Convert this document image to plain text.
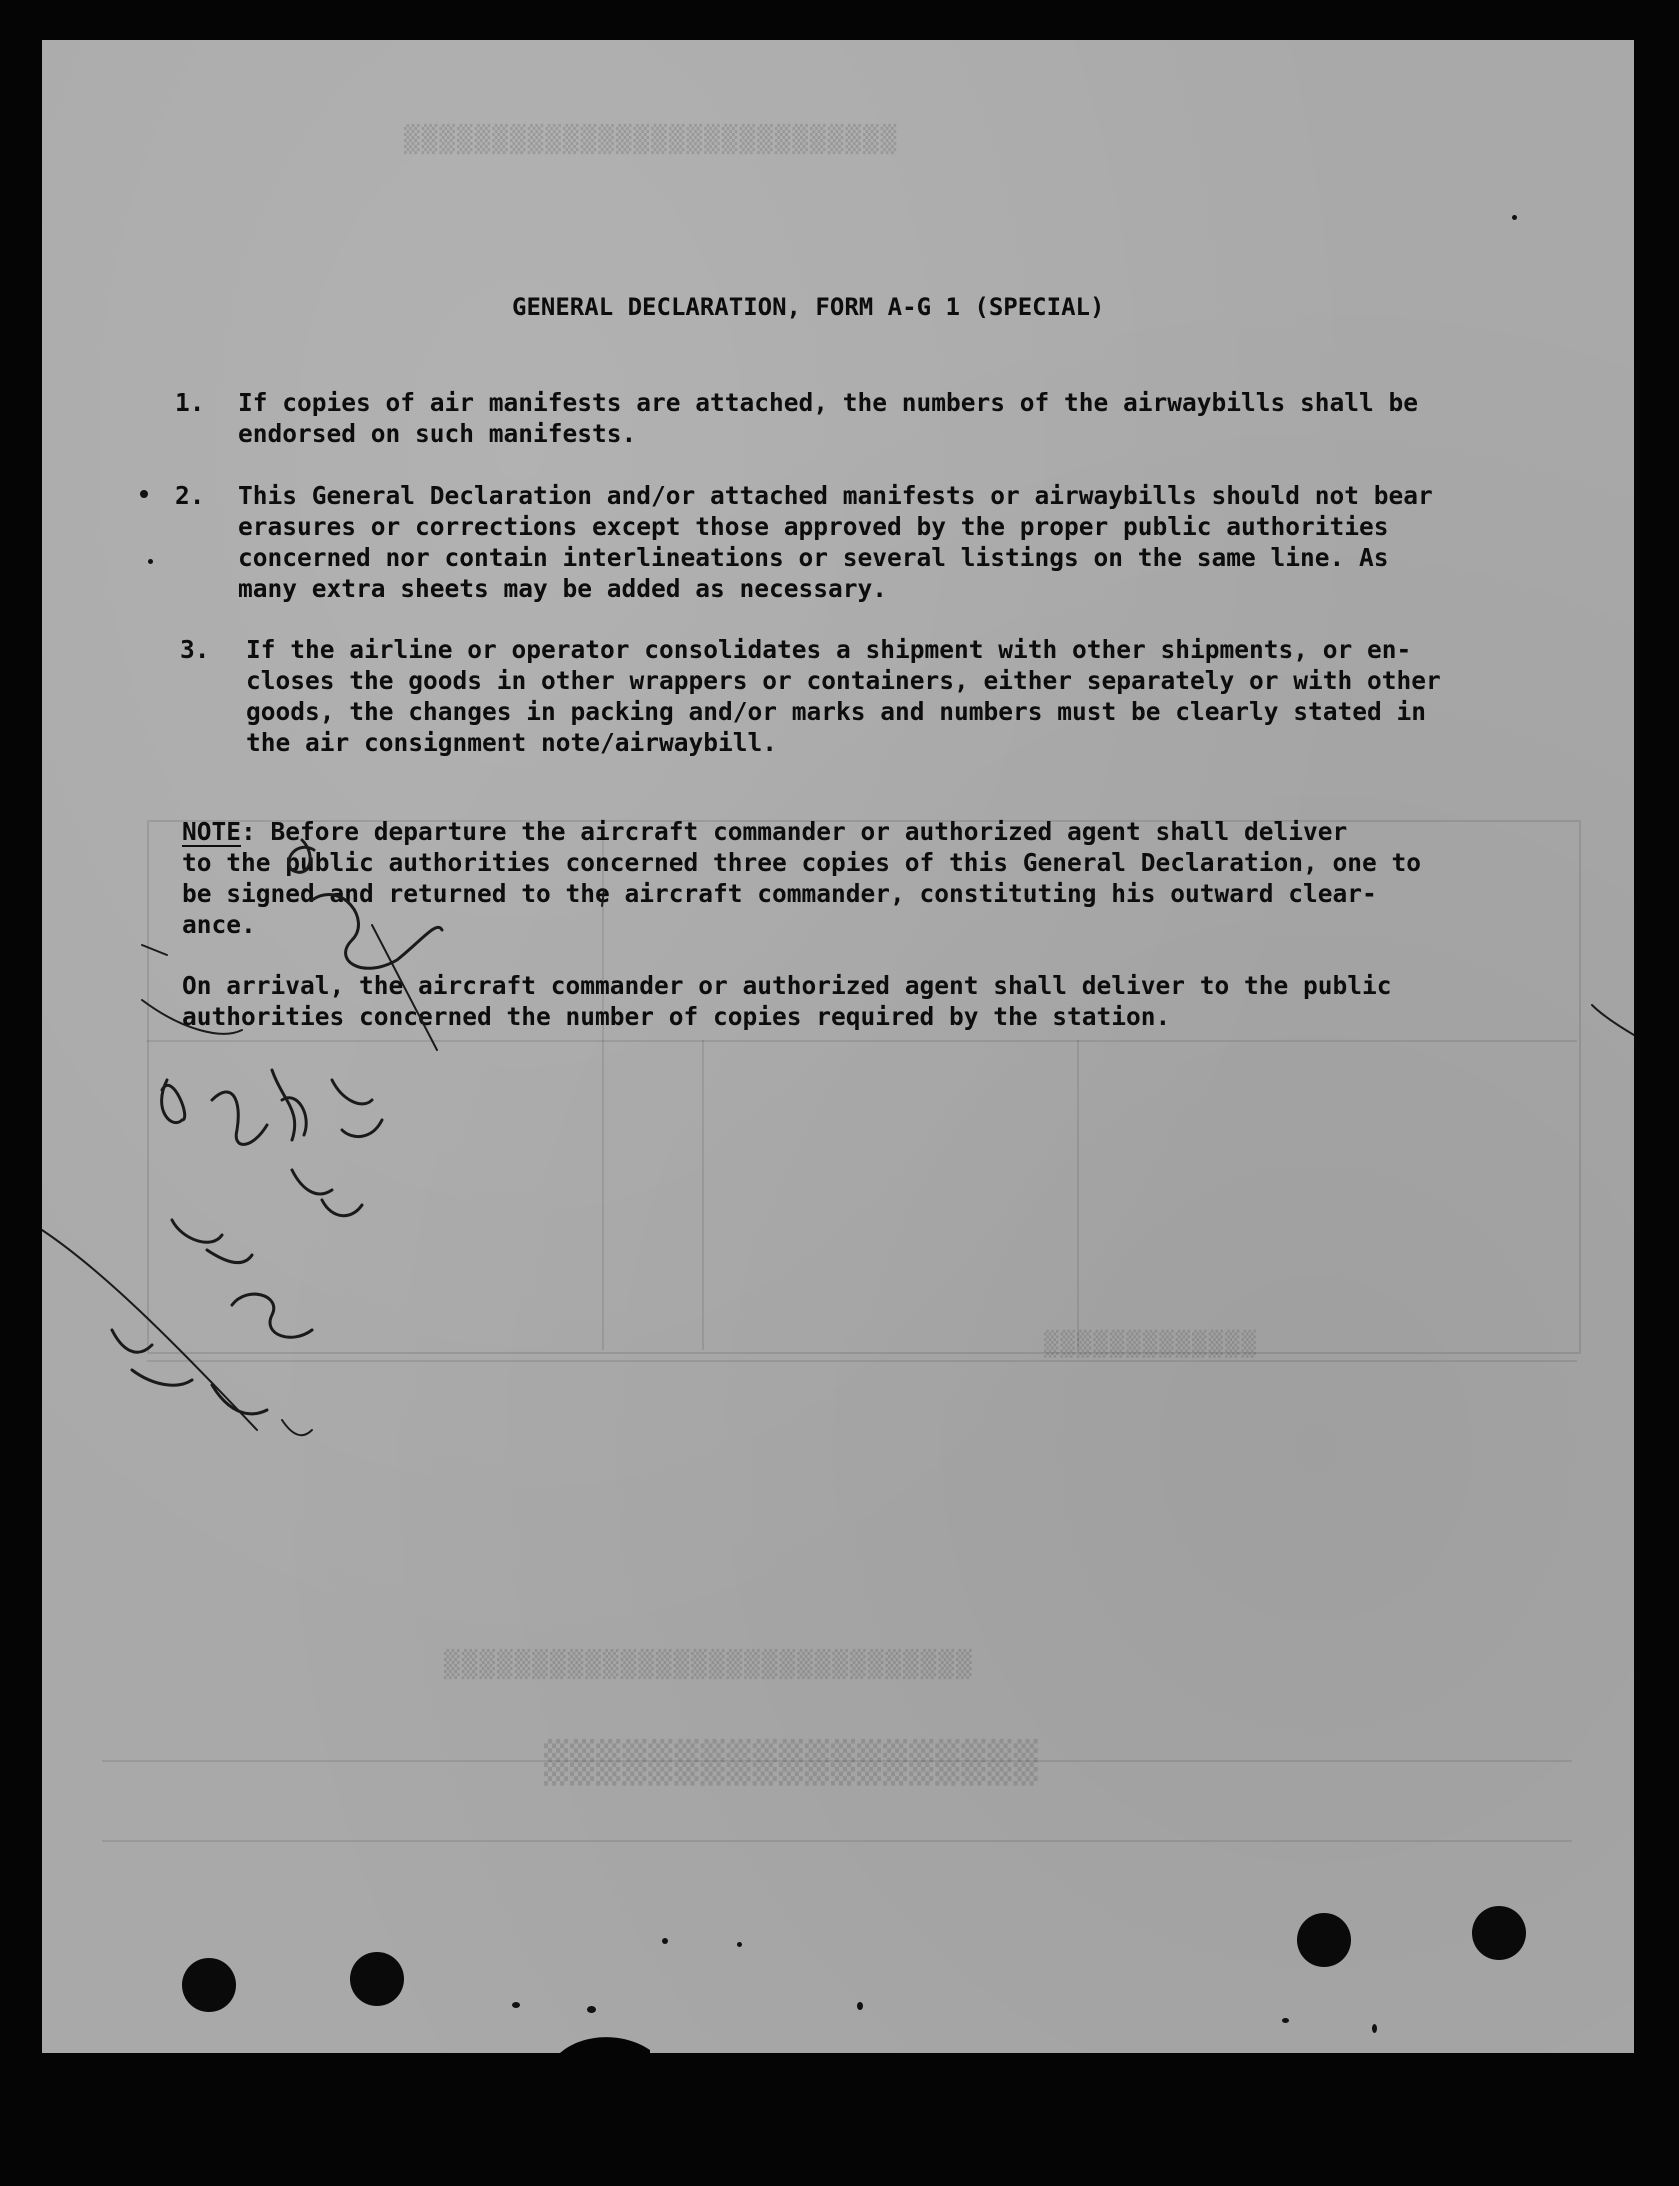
▒▒▒▒▒▒▒▒▒▒▒▒▒▒▒▒▒▒▒
▒▒▒▒▒▒▒▒▒▒▒▒▒▒▒▒▒▒▒▒▒▒▒▒▒▒▒▒▒▒
▒▒▒▒▒▒▒▒▒▒▒▒▒▒▒▒▒▒▒▒▒▒▒▒▒▒▒▒
▒▒▒▒▒▒▒▒▒▒▒▒▒

GENERAL DECLARATION, FORM A-G 1 (SPECIAL)

1. If copies of air manifests are attached, the numbers of the airwaybills shall be
endorsed on such manifests.
2. This General Declaration and/or attached manifests or airwaybills should not bear
erasures or corrections except those approved by the proper public authorities
concerned nor contain interlineations or several listings on the same line. As
many extra sheets may be added as necessary.
3. If the airline or operator consolidates a shipment with other shipments, or en-
closes the goods in other wrappers or containers, either separately or with other
goods, the changes in packing and/or marks and numbers must be clearly stated in
the air consignment note/airwaybill.
NOTE: Before departure the aircraft commander or authorized agent shall deliver
to the public authorities concerned three copies of this General Declaration, one to
be signed and returned to the aircraft commander, constituting his outward clear-
ance.
On arrival, the aircraft commander or authorized agent shall deliver to the public
authorities concerned the number of copies required by the station.
